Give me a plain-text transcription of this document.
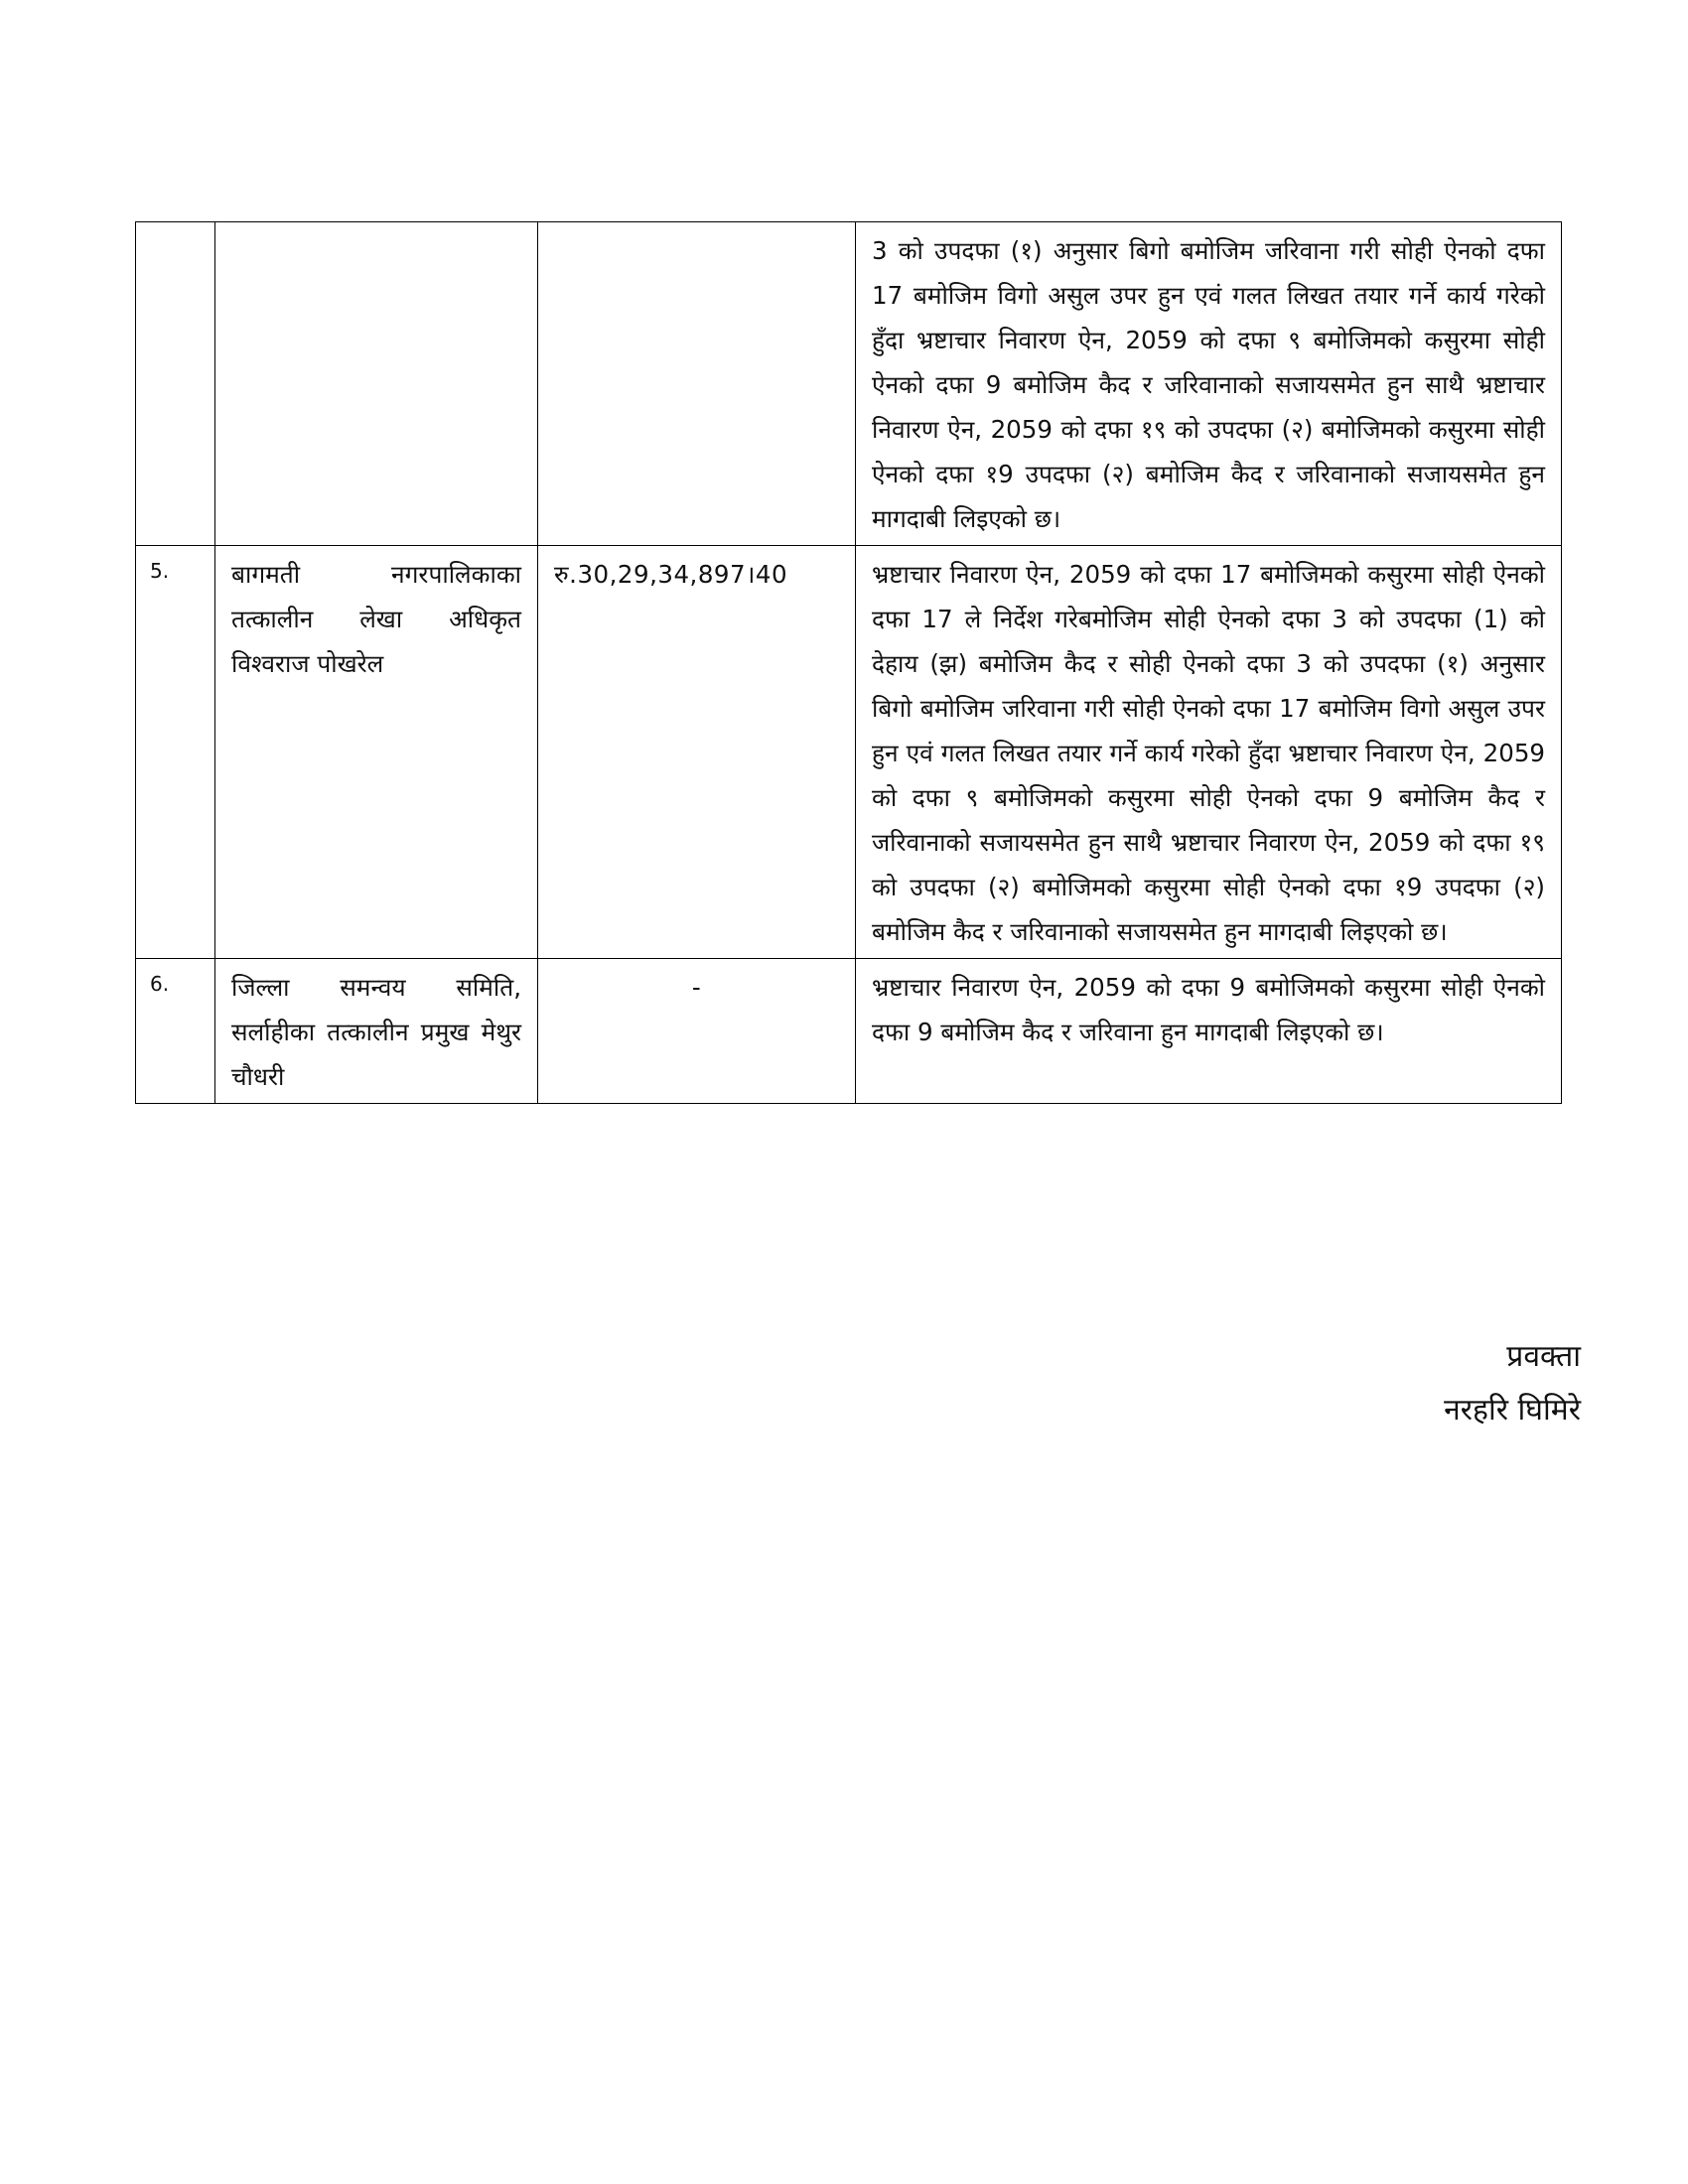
			3 को उपदफा (१) अनुसार बिगो बमोजिम जरिवाना गरी सोही ऐनको दफा 17 बमोजिम विगो असुल उपर हुन एवं गलत लिखत तयार गर्ने कार्य गरेको हुँदा भ्रष्टाचार निवारण ऐन, 2059 को दफा ९ बमोजिमको कसुरमा सोही ऐनको दफा 9 बमोजिम कैद र जरिवानाको सजायसमेत हुन साथै भ्रष्टाचार निवारण ऐन, 2059 को दफा १९ को उपदफा (२) बमोजिमको कसुरमा सोही ऐनको दफा १9 उपदफा (२) बमोजिम कैद र जरिवानाको सजायसमेत हुन मागदाबी लिइएको छ।
5.	बागमती नगरपालिकाका तत्कालीन लेखा अधिकृत विश्वराज पोखरेल	रु.30,29,34,897।40	भ्रष्टाचार निवारण ऐन, 2059 को दफा 17 बमोजिमको कसुरमा सोही ऐनको दफा 17 ले निर्देश गरेबमोजिम सोही ऐनको दफा 3 को उपदफा (1) को देहाय (झ) बमोजिम कैद र सोही ऐनको दफा 3 को उपदफा (१) अनुसार बिगो बमोजिम जरिवाना गरी सोही ऐनको दफा 17 बमोजिम विगो असुल उपर हुन एवं गलत लिखत तयार गर्ने कार्य गरेको हुँदा भ्रष्टाचार निवारण ऐन, 2059 को दफा ९ बमोजिमको कसुरमा सोही ऐनको दफा 9 बमोजिम कैद र जरिवानाको सजायसमेत हुन साथै भ्रष्टाचार निवारण ऐन, 2059 को दफा १९ को उपदफा (२) बमोजिमको कसुरमा सोही ऐनको दफा १9 उपदफा (२) बमोजिम कैद र जरिवानाको सजायसमेत हुन मागदाबी लिइएको छ।
6.	जिल्ला समन्वय समिति, सर्लाहीका तत्कालीन प्रमुख मेथुर चौधरी	-	भ्रष्टाचार निवारण ऐन, 2059 को दफा 9 बमोजिमको कसुरमा सोही ऐनको दफा 9 बमोजिम कैद र जरिवाना हुन मागदाबी लिइएको छ।
प्रवक्ता
नरहरि घिमिरे
